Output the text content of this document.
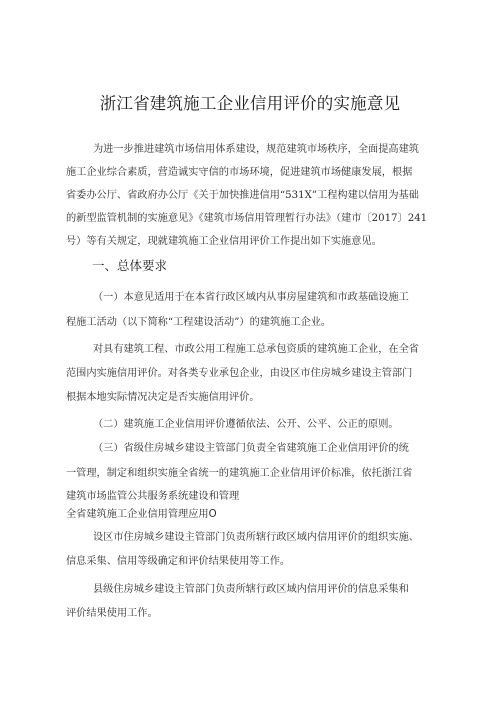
浙江省建筑施工企业信用评价的实施意见
为进一步推进建筑市场信用体系建设，规范建筑市场秩序，全面提高建筑
施工企业综合素质，营造诚实守信的市场环境，促进建筑市场健康发展，根据
省委办公厅、省政府办公厅《关于加快推进信用“531X”工程构建以信用为基础
的新型监管机制的实施意见》《建筑市场信用管理暂行办法》（建市〔2017〕241
号）等有关规定，现就建筑施工企业信用评价工作提出如下实施意见。
一、总体要求
（一）本意见适用于在本省行政区域内从事房屋建筑和市政基础设施工
程施工活动（以下简称“工程建设活动”）的建筑施工企业。
对具有建筑工程、市政公用工程施工总承包资质的建筑施工企业，在全省
范围内实施信用评价。对各类专业承包企业，由设区市住房城乡建设主管部门
根据本地实际情况决定是否实施信用评价。
（二）建筑施工企业信用评价遵循依法、公开、公平、公正的原则。
（三）省级住房城乡建设主管部门负责全省建筑施工企业信用评价的统
一管理，制定和组织实施全省统一的建筑施工企业信用评价标准，依托浙江省
建筑市场监管公共服务系统建设和管理
全省建筑施工企业信用管理应用O
设区市住房城乡建设主管部门负责所辖行政区域内信用评价的组织实施、
信息采集、信用等级确定和评价结果使用等工作。
县级住房城乡建设主管部门负责所辖行政区域内信用评价的信息采集和
评价结果使用工作。
